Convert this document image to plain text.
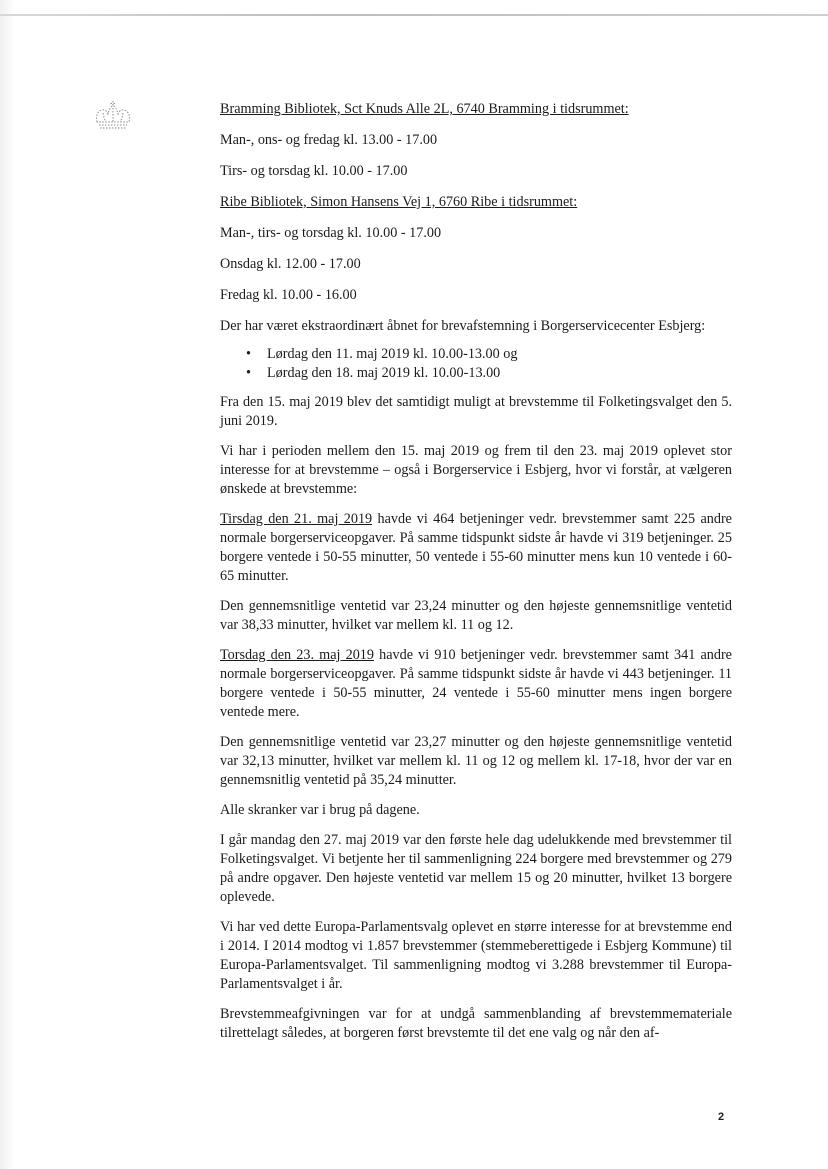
Bramming Bibliotek, Sct Knuds Alle 2L, 6740 Bramming i tidsrummet:

Man-, ons- og fredag kl. 13.00 - 17.00

Tirs- og torsdag kl. 10.00 - 17.00

Ribe Bibliotek, Simon Hansens Vej 1, 6760 Ribe i tidsrummet:

Man-, tirs- og torsdag kl. 10.00 - 17.00

Onsdag kl. 12.00 - 17.00

Fredag kl. 10.00 - 16.00

Der har været ekstraordinært åbnet for brevafstemning i Borgerservicecenter Esbjerg:

• Lørdag den 11. maj 2019 kl. 10.00-13.00 og
• Lørdag den 18. maj 2019 kl. 10.00-13.00

Fra den 15. maj 2019 blev det samtidigt muligt at brevstemme til Folketingsvalget den 5. juni 2019.

Vi har i perioden mellem den 15. maj 2019 og frem til den 23. maj 2019 oplevet stor interesse for at brevstemme – også i Borgerservice i Esbjerg, hvor vi forstår, at vælgeren ønskede at brevstemme:

Tirsdag den 21. maj 2019 havde vi 464 betjeninger vedr. brevstemmer samt 225 andre normale borgerserviceopgaver. På samme tidspunkt sidste år havde vi 319 betjeninger. 25 borgere ventede i 50-55 minutter, 50 ventede i 55-60 minutter mens kun 10 ventede i 60-65 minutter.

Den gennemsnitlige ventetid var 23,24 minutter og den højeste gennemsnitlige ventetid var 38,33 minutter, hvilket var mellem kl. 11 og 12.

Torsdag den 23. maj 2019 havde vi 910 betjeninger vedr. brevstemmer samt 341 andre normale borgerserviceopgaver. På samme tidspunkt sidste år havde vi 443 betjeninger. 11 borgere ventede i 50-55 minutter, 24 ventede i 55-60 minutter mens ingen borgere ventede mere.

Den gennemsnitlige ventetid var 23,27 minutter og den højeste gennemsnitlige ventetid var 32,13 minutter, hvilket var mellem kl. 11 og 12 og mellem kl. 17-18, hvor der var en gennemsnitlig ventetid på 35,24 minutter.

Alle skranker var i brug på dagene.

I går mandag den 27. maj 2019 var den første hele dag udelukkende med brevstemmer til Folketingsvalget. Vi betjente her til sammenligning 224 borgere med brevstemmer og 279 på andre opgaver. Den højeste ventetid var mellem 15 og 20 minutter, hvilket 13 borgere oplevede.

Vi har ved dette Europa-Parlamentsvalg oplevet en større interesse for at brevstemme end i 2014. I 2014 modtog vi 1.857 brevstemmer (stemmeberettigede i Esbjerg Kommune) til Europa-Parlamentsvalget. Til sammenligning modtog vi 3.288 brevstemmer til Europa-Parlamentsvalget i år.

Brevstemmeafgivningen var for at undgå sammenblanding af brevstemmemateriale tilrettelagt således, at borgeren først brevstemte til det ene valg og når den af-

2
